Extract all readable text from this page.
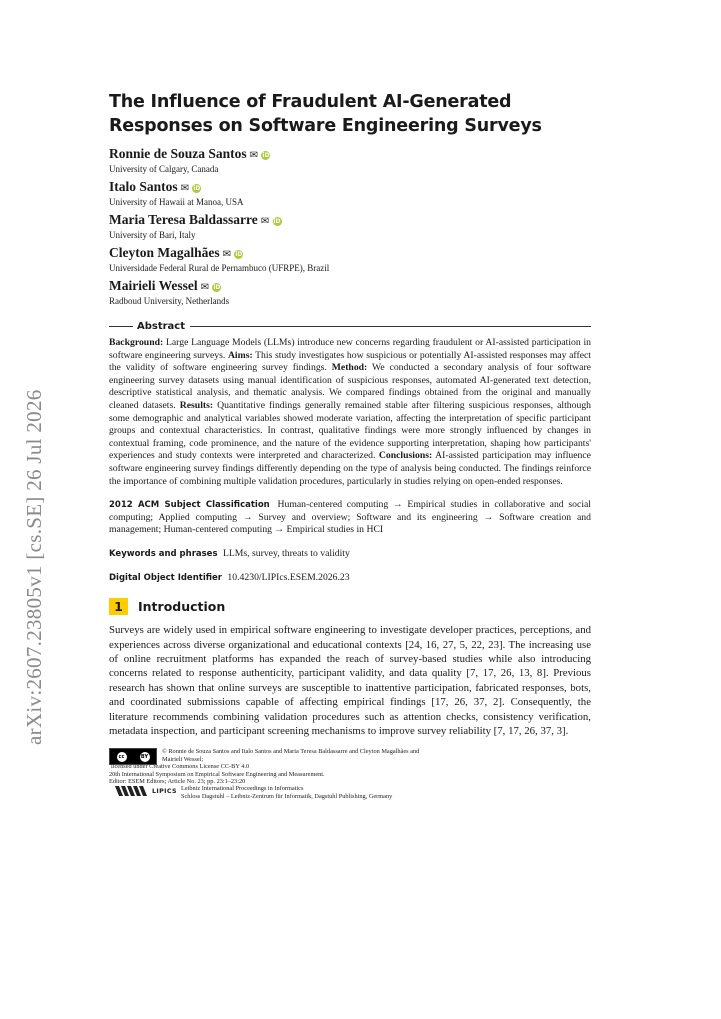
arXiv:2607.23805v1 [cs.SE] 26 Jul 2026
The Influence of Fraudulent AI-Generated
Responses on Software Engineering Surveys
Ronnie de Souza Santos ✉ iD
University of Calgary, Canada
Italo Santos ✉ iD
University of Hawaii at Manoa, USA
Maria Teresa Baldassarre ✉ iD
University of Bari, Italy
Cleyton Magalhães ✉ iD
Universidade Federal Rural de Pernambuco (UFRPE), Brazil
Mairieli Wessel ✉ iD
Radboud University, Netherlands
Abstract
Background: Large Language Models (LLMs) introduce new concerns regarding fraudulent or AI-assisted participation in software engineering surveys. Aims: This study investigates how suspicious or potentially AI-assisted responses may affect the validity of software engineering survey findings. Method: We conducted a secondary analysis of four software engineering survey datasets using manual identification of suspicious responses, automated AI-generated text detection, descriptive statistical analysis, and thematic analysis. We compared findings obtained from the original and manually cleaned datasets. Results: Quantitative findings generally remained stable after filtering suspicious responses, although some demographic and analytical variables showed moderate variation, affecting the interpretation of specific participant groups and contextual characteristics. In contrast, qualitative findings were more strongly influenced by changes in contextual framing, code prominence, and the nature of the evidence supporting interpretation, shaping how participants' experiences and study contexts were interpreted and characterized. Conclusions: AI-assisted participation may influence software engineering survey findings differently depending on the type of analysis being conducted. The findings reinforce the importance of combining multiple validation procedures, particularly in studies relying on open-ended responses.
2012 ACM Subject Classification Human-centered computing → Empirical studies in collaborative and social computing; Applied computing → Survey and overview; Software and its engineering → Software creation and management; Human-centered computing → Empirical studies in HCI
Keywords and phrases LLMs, survey, threats to validity
Digital Object Identifier 10.4230/LIPIcs.ESEM.2026.23
1	Introduction
Surveys are widely used in empirical software engineering to investigate developer practices, perceptions, and experiences across diverse organizational and educational contexts [24, 16, 27, 5, 22, 23]. The increasing use of online recruitment platforms has expanded the reach of survey-based studies while also introducing concerns related to response authenticity, participant validity, and data quality [7, 17, 26, 13, 8]. Previous research has shown that online surveys are susceptible to inattentive participation, fabricated responses, bots, and coordinated submissions capable of affecting empirical findings [17, 26, 37, 2]. Consequently, the literature recommends combining validation procedures such as attention checks, consistency verification, metadata inspection, and participant screening mechanisms to improve survey reliability [7, 17, 26, 37, 3].
cc	BY
© Ronnie de Souza Santos and Italo Santos and Maria Teresa Baldassarre and Cleyton Magalhães and
Mairieli Wessel;
licensed under Creative Commons License CC-BY 4.0
20th International Symposium on Empirical Software Engineering and Measurement.
Editor: ESEM Editors; Article No. 23; pp. 23:1–23:20
LIPICS Leibniz International Proceedings in Informatics
Schloss Dagstuhl – Leibniz-Zentrum für Informatik, Dagstuhl Publishing, Germany
